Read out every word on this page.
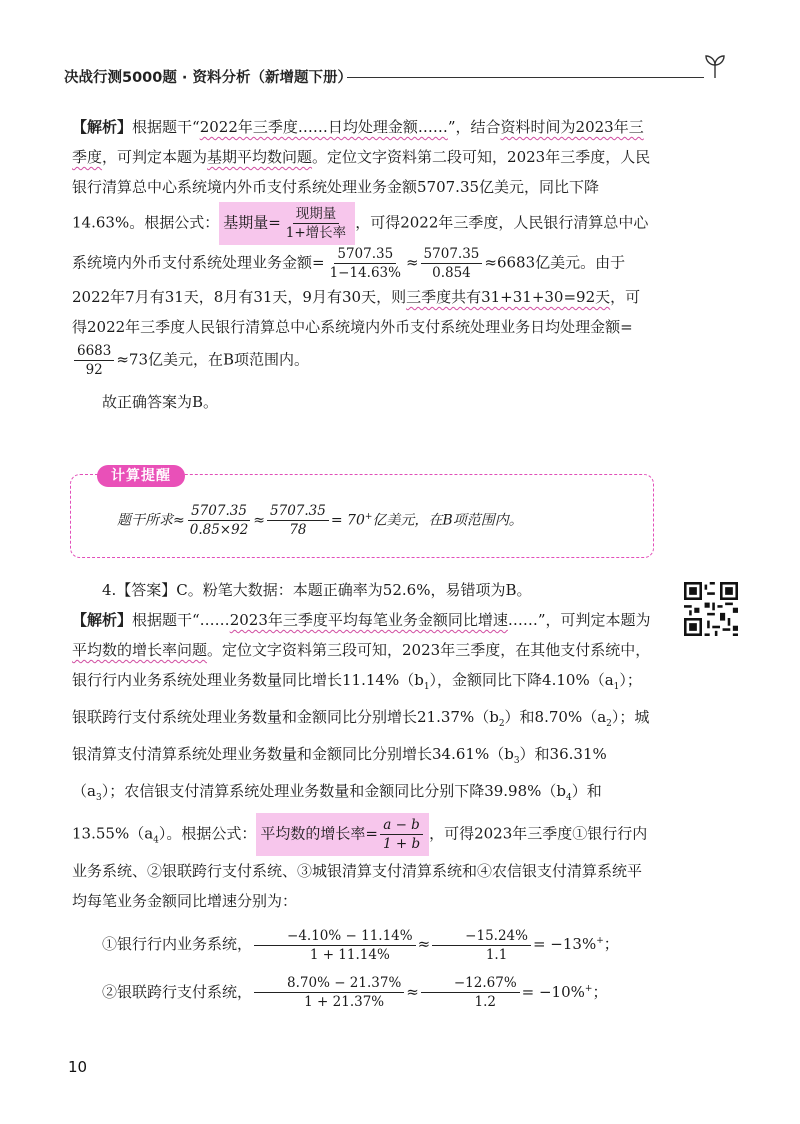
决战行测5000题 · 资料分析（新增题下册）

【解析】根据题干“2022年三季度……日均处理金额……”，结合资料时间为2023年三季度，可判定本题为基期平均数问题。定位文字资料第二段可知，2023年三季度，人民银行清算总中心系统境内外币支付系统处理业务金额5707.35亿美元，同比下降14.63%。根据公式： 基期量= $\frac{\text{现期量}}{\text{1+增长率}}$ ，可得2022年三季度，人民银行清算总中心系统境内外币支付系统处理业务金额= $\frac{5707.35}{1-14.63\%} \approx \frac{5707.35}{0.854} \approx 6683$亿美元。由于2022年7月有31天，8月有31天，9月有30天，则三季度共有31+31+30=92天，可得2022年三季度人民银行清算总中心系统境内外币支付系统处理业务日均处理金额=
$\frac{6683}{92} \approx 73$亿美元，在B项范围内。

故正确答案为B。

计算提醒
题干所求≈ $\frac{5707.35}{0.85\times 92} \approx \frac{5707.35}{78} = 70^+$亿美元，在B项范围内。

4.【答案】C。粉笔大数据：本题正确率为52.6%，易错项为B。

【解析】根据题干“……2023年三季度平均每笔业务金额同比增速……”，可判定本题为平均数的增长率问题。定位文字资料第三段可知，2023年三季度，在其他支付系统中，银行行内业务系统处理业务数量同比增长$11.14\%(b_1)$，金额同比下降$4.10\%(a_1)$；银联跨行支付系统处理业务数量和金额同比分别增长$21.37\%(b_2)$和$8.70\%(a_2)$；城银清算支付清算系统处理业务数量和金额同比分别增长$34.61\%(b_3)$和$36.31\%(a_3)$；农信银支付清算系统处理业务数量和金额同比分别下降$39.98\%(b_4)$和$13.55\%(a_4)$。根据公式： 平均数的增长率= $\frac{a - b}{1 + b}$ ，可得2023年三季度①银行行内业务系统、②银联跨行支付系统、③城银清算支付清算系统和④农信银支付清算系统平均每笔业务金额同比增速分别为：

①银行行内业务系统， $\frac{-4.10\% - 11.14\%}{1 + 11.14\%} \approx \frac{-15.24\%}{1.1} = -13\%^+$；

②银联跨行支付系统， $\frac{8.70\% - 21.37\%}{1 + 21.37\%} \approx \frac{-12.67\%}{1.2} = -10\%^+$；

10
